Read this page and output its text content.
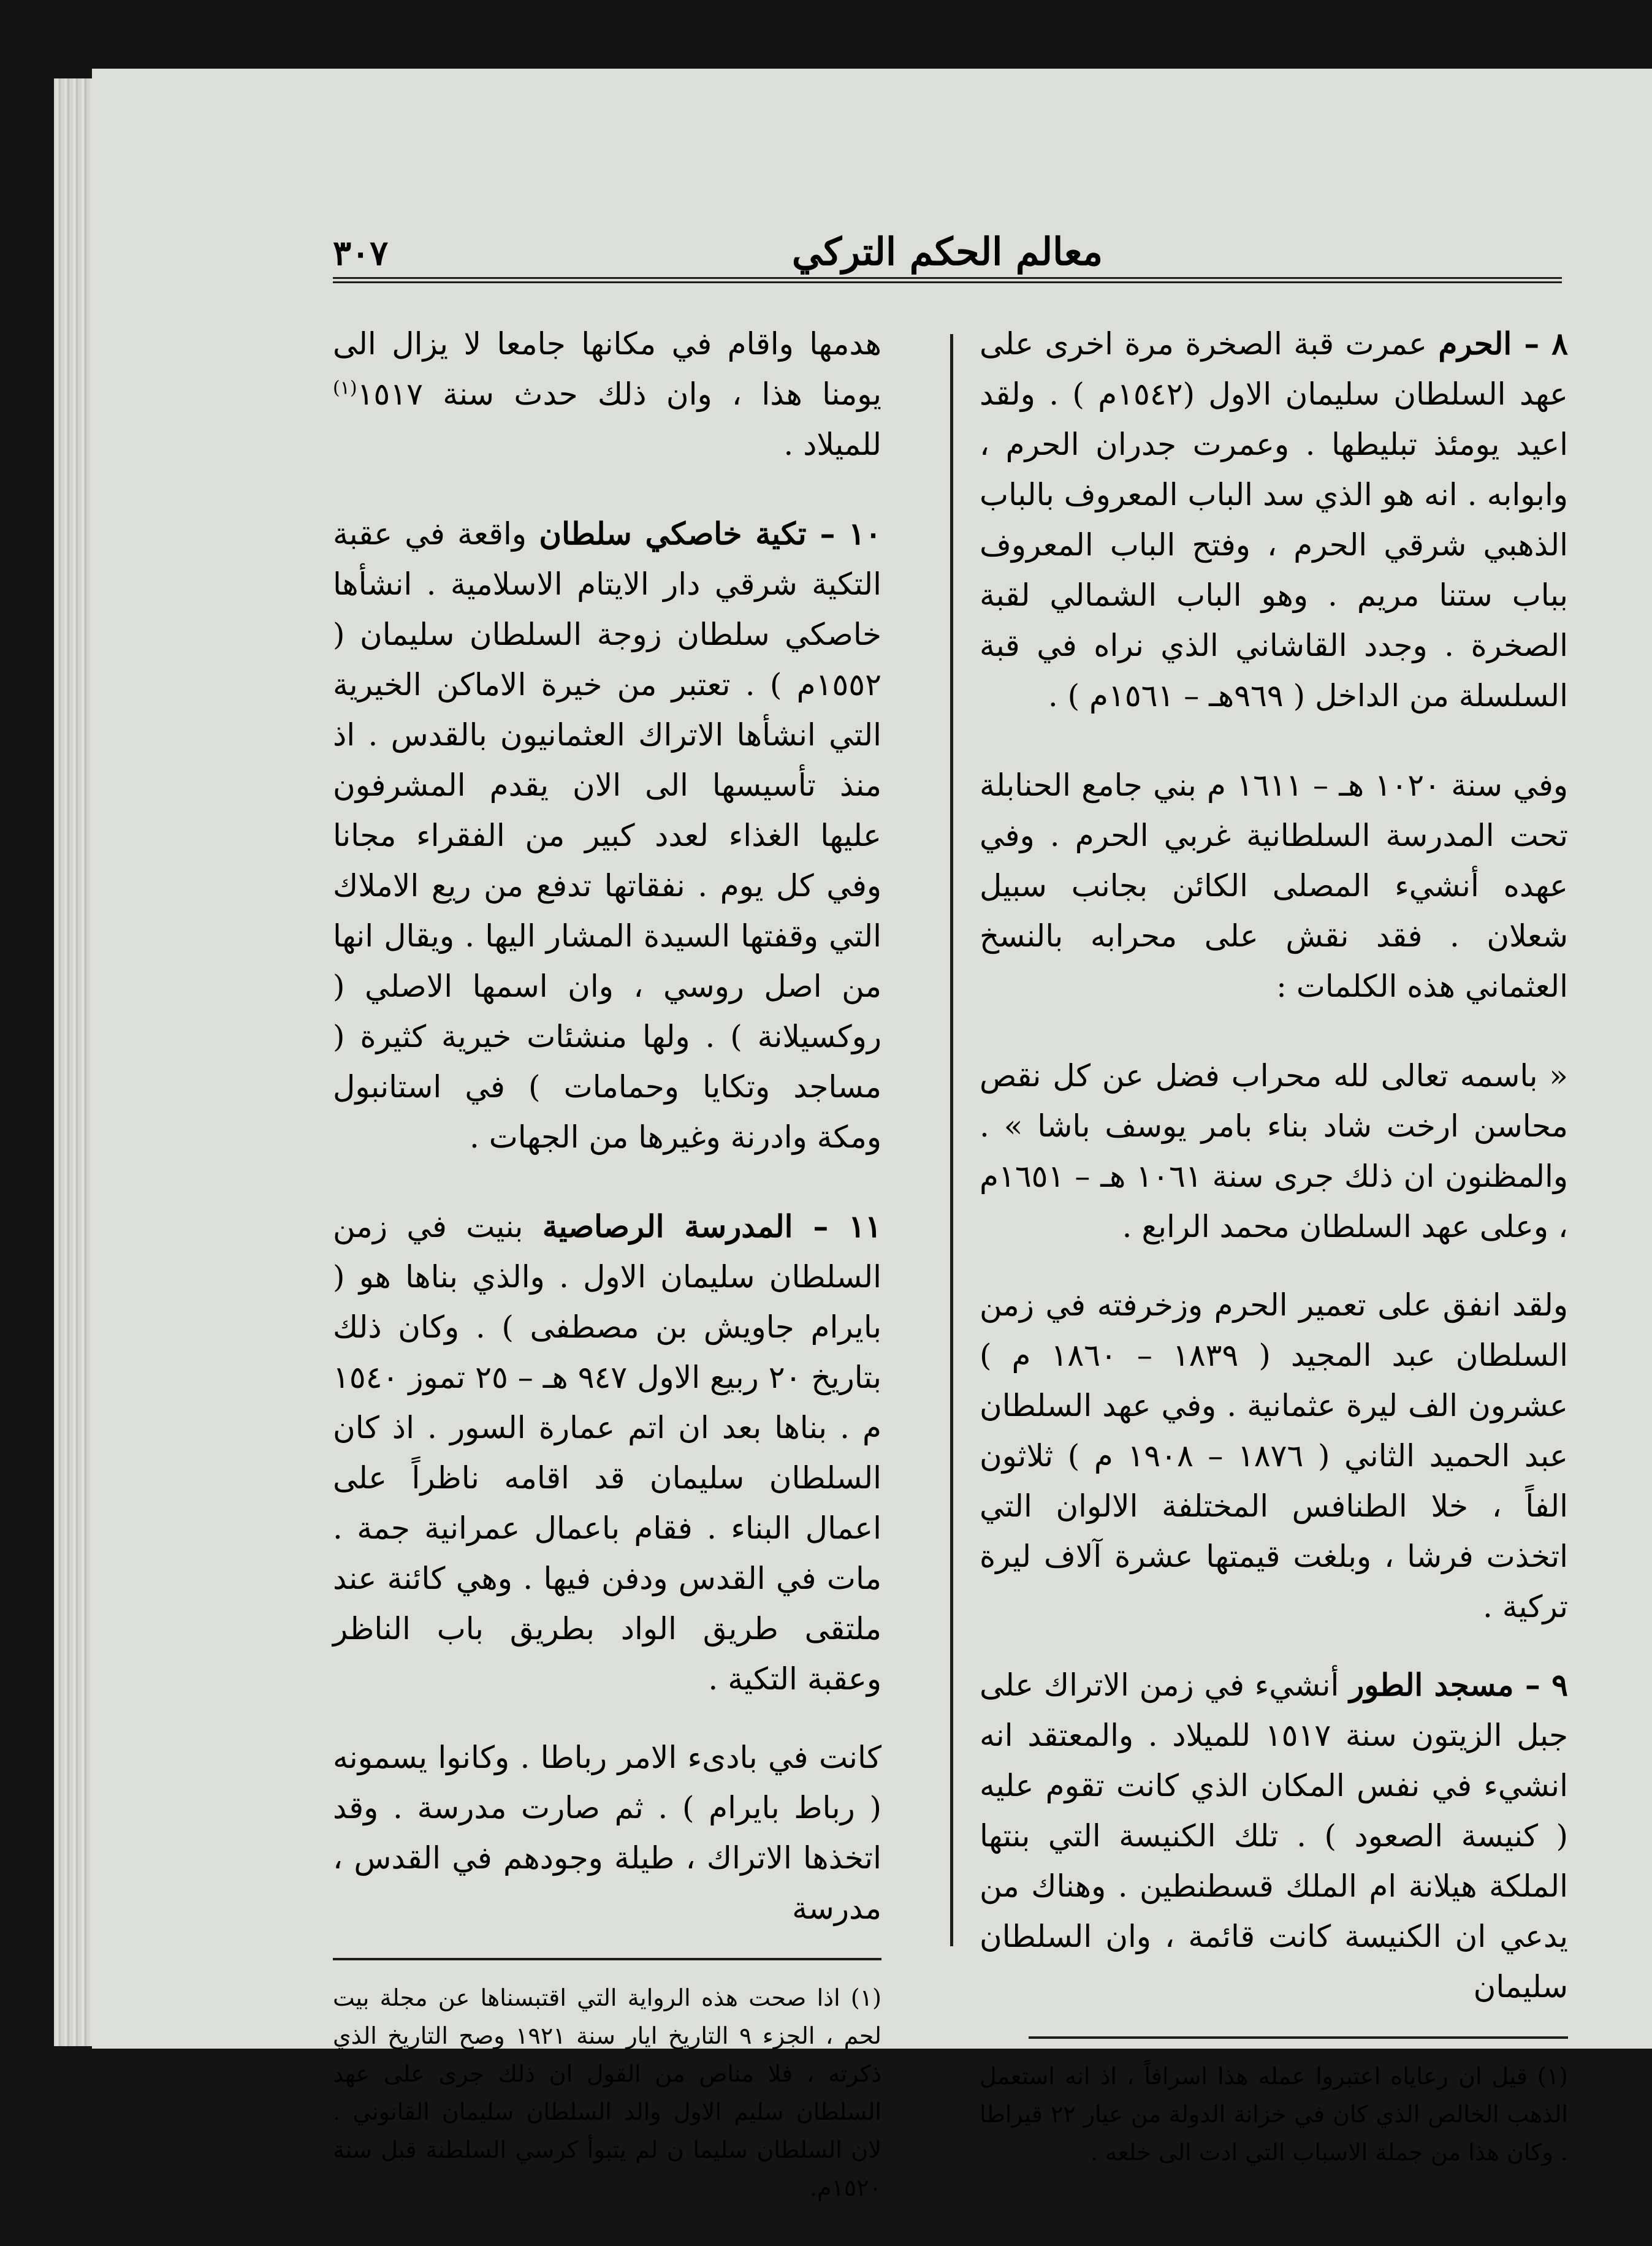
٣٠٧	معالم الحكم التركي

٨ – الحرم عمرت قبة الصخرة مرة اخرى على عهد السلطان سليمان الاول (١٥٤٢م ) . ولقد اعيد يومئذ تبليطها . وعمرت جدران الحرم ، وابوابه . انه هو الذي سد الباب المعروف بالباب الذهبي شرقي الحرم ، وفتح الباب المعروف بباب ستنا مريم . وهو الباب الشمالي لقبة الصخرة . وجدد القاشاني الذي نراه في قبة السلسلة من الداخل ( ٩٦٩هـ – ١٥٦١م ) .

وفي سنة ١٠٢٠ هـ – ١٦١١ م بني جامع الحنابلة تحت المدرسة السلطانية غربي الحرم . وفي عهده أنشيء المصلى الكائن بجانب سبيل شعلان . فقد نقش على محرابه بالنسخ العثماني هذه الكلمات :

« باسمه تعالى لله محراب فضل عن كل نقص محاسن ارخت شاد بناء بامر يوسف باشا » . والمظنون ان ذلك جرى سنة ١٠٦١ هـ – ١٦٥١م ، وعلى عهد السلطان محمد الرابع .

ولقد انفق على تعمير الحرم وزخرفته في زمن السلطان عبد المجيد ( ١٨٣٩ – ١٨٦٠ م ) عشرون الف ليرة عثمانية . وفي عهد السلطان عبد الحميد الثاني ( ١٨٧٦ – ١٩٠٨ م ) ثلاثون الفاً ، خلا الطنافس المختلفة الالوان التي اتخذت فرشا ، وبلغت قيمتها عشرة آلاف ليرة تركية .

٩ – مسجد الطور أنشيء في زمن الاتراك على جبل الزيتون سنة ١٥١٧ للميلاد . والمعتقد انه انشيء في نفس المكان الذي كانت تقوم عليه ( كنيسة الصعود ) . تلك الكنيسة التي بنتها الملكة هيلانة ام الملك قسطنطين . وهناك من يدعي ان الكنيسة كانت قائمة ، وان السلطان سليمان

(١) قيل ان رعاياه اعتبروا عمله هذا اسرافاً ، اذ انه استعمل الذهب الخالص الذي كان في خزانة الدولة من عيار ٢٢ قيراطا . وكان هذا من جملة الاسباب التي ادت الى خلعه .

هدمها واقام في مكانها جامعا لا يزال الى يومنا هذا ، وان ذلك حدث سنة ١٥١٧$^{(١)}$ للميلاد .

١٠ – تكية خاصكي سلطان واقعة في عقبة التكية شرقي دار الايتام الاسلامية . انشأها خاصكي سلطان زوجة السلطان سليمان ( ١٥٥٢م ) . تعتبر من خيرة الاماكن الخيرية التي انشأها الاتراك العثمانيون بالقدس . اذ منذ تأسيسها الى الان يقدم المشرفون عليها الغذاء لعدد كبير من الفقراء مجانا وفي كل يوم . نفقاتها تدفع من ريع الاملاك التي وقفتها السيدة المشار اليها . ويقال انها من اصل روسي ، وان اسمها الاصلي ( روكسيلانة ) . ولها منشئات خيرية كثيرة ( مساجد وتكايا وحمامات ) في استانبول ومكة وادرنة وغيرها من الجهات .

١١ – المدرسة الرصاصية بنيت في زمن السلطان سليمان الاول . والذي بناها هو ( بايرام جاويش بن مصطفى ) . وكان ذلك بتاريخ ٢٠ ربيع الاول ٩٤٧ هـ – ٢٥ تموز ١٥٤٠ م . بناها بعد ان اتم عمارة السور . اذ كان السلطان سليمان قد اقامه ناظراً على اعمال البناء . فقام باعمال عمرانية جمة . مات في القدس ودفن فيها . وهي كائنة عند ملتقى طريق الواد بطريق باب الناظر وعقبة التكية .

كانت في بادىء الامر رباطا . وكانوا يسمونه ( رباط بايرام ) . ثم صارت مدرسة . وقد اتخذها الاتراك ، طيلة وجودهم في القدس ، مدرسة

(١) اذا صحت هذه الرواية التي اقتبسناها عن مجلة بيت لحم ، الجزء ٩ التاريخ ايار سنة ١٩٢١ وصح التاريخ الذي ذكرته ، فلا مناص من القول ان ذلك جرى على عهد السلطان سليم الاول والد السلطان سليمان القانوني . لان السلطان سليما ن لم يتبوأ كرسي السلطنة قبل سنة ١٥٢٠م.
